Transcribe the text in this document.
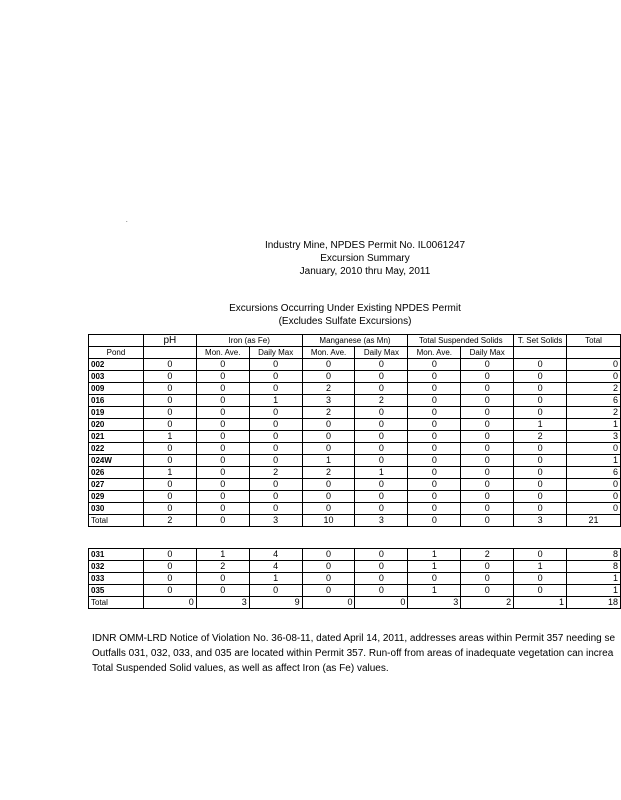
.
Industry Mine, NPDES Permit No. IL0061247
Excursion Summary
January, 2010 thru May, 2011
Excursions Occurring Under Existing NPDES Permit
(Excludes Sulfate Excursions)
	pH	Iron (as Fe)		Manganese (as Mn)		Total Suspended Solids		T. Set Solids	Total
Pond		Mon. Ave.	Daily Max	Mon. Ave.	Daily Max	Mon. Ave.	Daily Max		
002	0	0	0	0	0	0	0	0	0
003	0	0	0	0	0	0	0	0	0
009	0	0	0	2	0	0	0	0	2
016	0	0	1	3	2	0	0	0	6
019	0	0	0	2	0	0	0	0	2
020	0	0	0	0	0	0	0	1	1
021	1	0	0	0	0	0	0	2	3
022	0	0	0	0	0	0	0	0	0
024W	0	0	0	1	0	0	0	0	1
026	1	0	2	2	1	0	0	0	6
027	0	0	0	0	0	0	0	0	0
029	0	0	0	0	0	0	0	0	0
030	0	0	0	0	0	0	0	0	0
Total	2	0	3	10	3	0	0	3	21
031	0	1	4	0	0	1	2	0	8
032	0	2	4	0	0	1	0	1	8
033	0	0	1	0	0	0	0	0	1
035	0	0	0	0	0	1	0	0	1
Total	0	3	9	0	0	3	2	1	18
IDNR OMM-LRD Notice of Violation No. 36-08-11, dated April 14, 2011, addresses areas within Permit 357 needing se
Outfalls 031, 032, 033, and 035 are located within Permit 357. Run-off from areas of inadequate vegetation can increa
Total Suspended Solid values, as well as affect Iron (as Fe) values.
